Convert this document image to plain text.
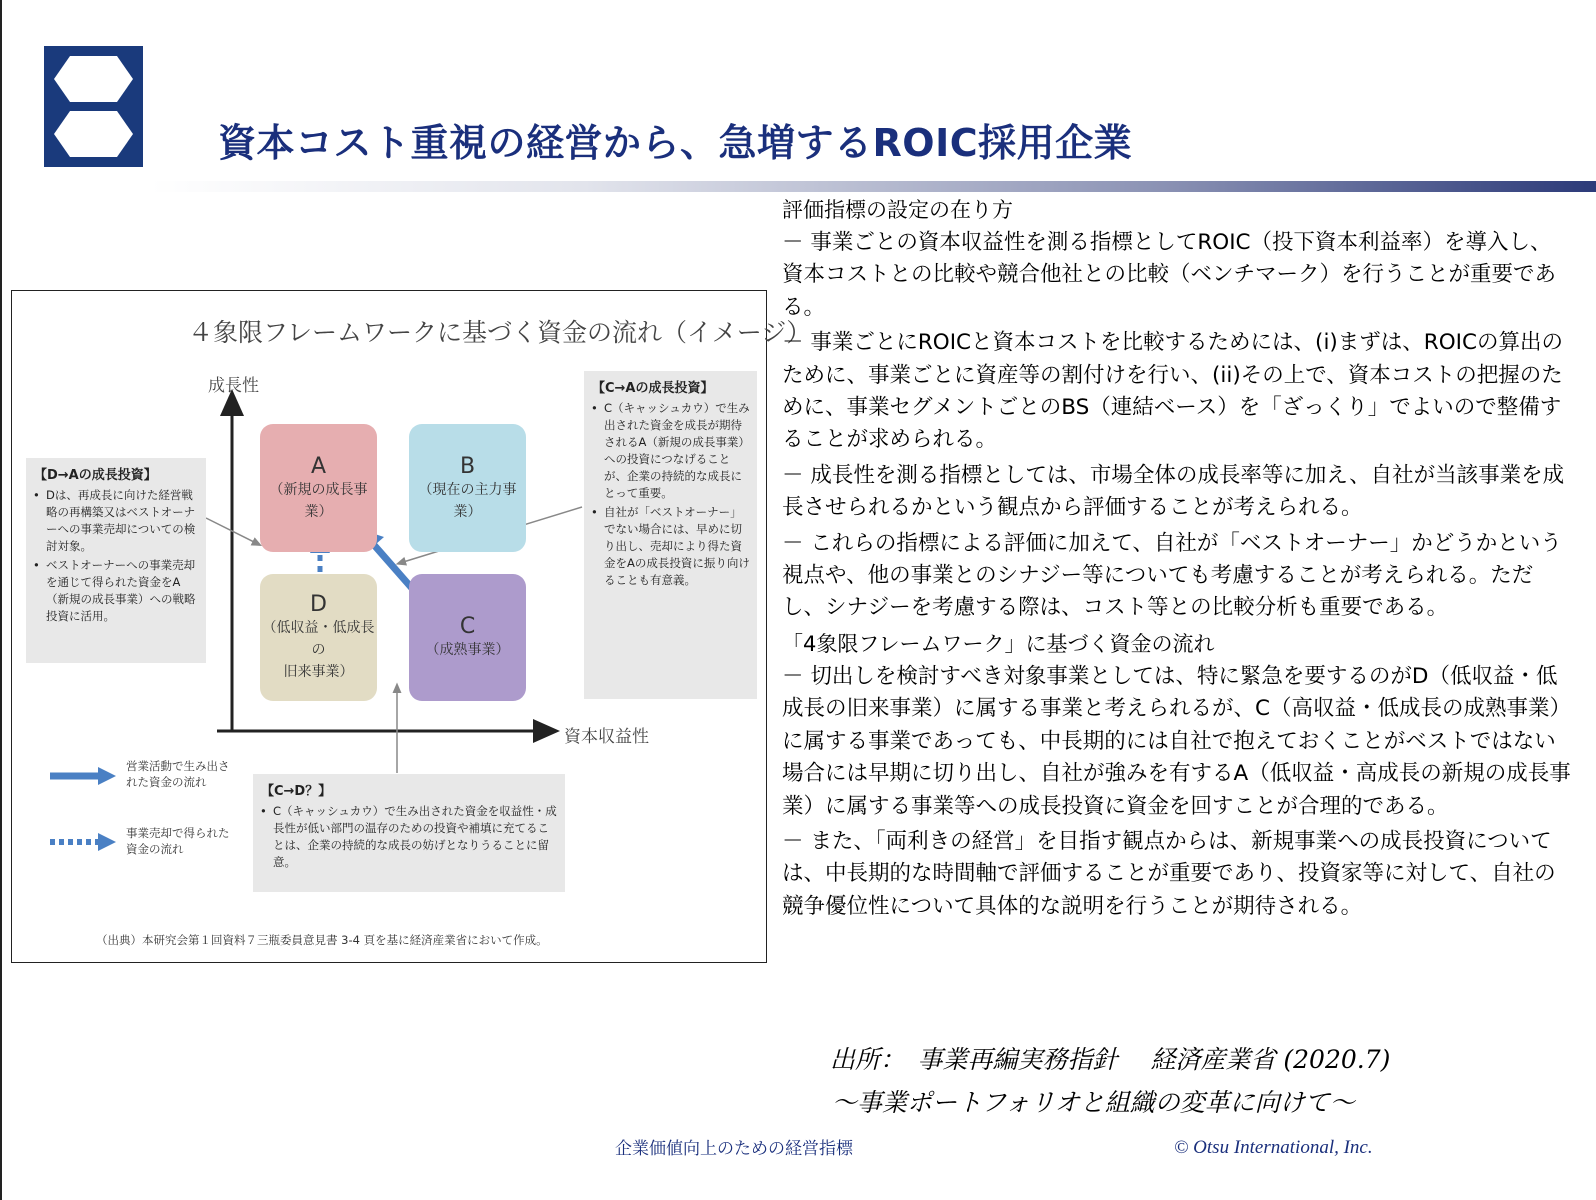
資本コスト重視の経営から、急増するROIC採用企業
４象限フレームワークに基づく資金の流れ（イメージ）
成長性
資本収益性
A
（新規の成長事業）
B
（現在の主力事業）
D
（低収益・低成長の
旧来事業）
C
（成熟事業）
【D→Aの成長投資】
• Dは、再成長に向けた経営戦略の再構築又はベストオーナーへの事業売却についての検討対象。
• ベストオーナーへの事業売却を通じて得られた資金をA（新規の成長事業）への戦略投資に活用。
【C→Aの成長投資】
• C（キャッシュカウ）で生み出された資金を成長が期待されるA（新規の成長事業）への投資につなげることが、企業の持続的な成長にとって重要。
• 自社が「ベストオーナー」でない場合には、早めに切り出し、売却により得た資金をAの成長投資に振り向けることも有意義。
【C→D？】
• C（キャッシュカウ）で生み出された資金を収益性・成長性が低い部門の温存のための投資や補填に充てることは、企業の持続的な成長の妨げとなりうることに留意。
営業活動で生み出さ
れた資金の流れ
事業売却で得られた
資金の流れ
（出典）本研究会第１回資料７三瓶委員意見書 3-4 頁を基に経済産業省において作成。
評価指標の設定の在り方
－ 事業ごとの資本収益性を測る指標としてROIC（投下資本利益率）を導入し、資本コストとの比較や競合他社との比較（ベンチマーク）を行うことが重要である。
－ 事業ごとにROICと資本コストを比較するためには、(i)まずは、ROICの算出のために、事業ごとに資産等の割付けを行い、(ii)その上で、資本コストの把握のために、事業セグメントごとのBS（連結ベース）を「ざっくり」でよいので整備することが求められる。
－ 成長性を測る指標としては、市場全体の成長率等に加え、自社が当該事業を成長させられるかという観点から評価することが考えられる。
－ これらの指標による評価に加えて、自社が「ベストオーナー」かどうかという視点や、他の事業とのシナジー等についても考慮することが考えられる。ただし、シナジーを考慮する際は、コスト等との比較分析も重要である。
「4象限フレームワーク」に基づく資金の流れ
－ 切出しを検討すべき対象事業としては、特に緊急を要するのがD（低収益・低成長の旧来事業）に属する事業と考えられるが、C（高収益・低成長の成熟事業）に属する事業であっても、中長期的には自社で抱えておくことがベストではない場合には早期に切り出し、自社が強みを有するA（低収益・高成長の新規の成長事業）に属する事業等への成長投資に資金を回すことが合理的である。
－ また、「両利きの経営」を目指す観点からは、新規事業への成長投資については、中長期的な時間軸で評価することが重要であり、投資家等に対して、自社の競争優位性について具体的な説明を行うことが期待される。
出所：　事業再編実務指針　 経済産業省 (2020.7)
～事業ポートフォリオと組織の変革に向けて～
企業価値向上のための経営指標	© Otsu International, Inc.
